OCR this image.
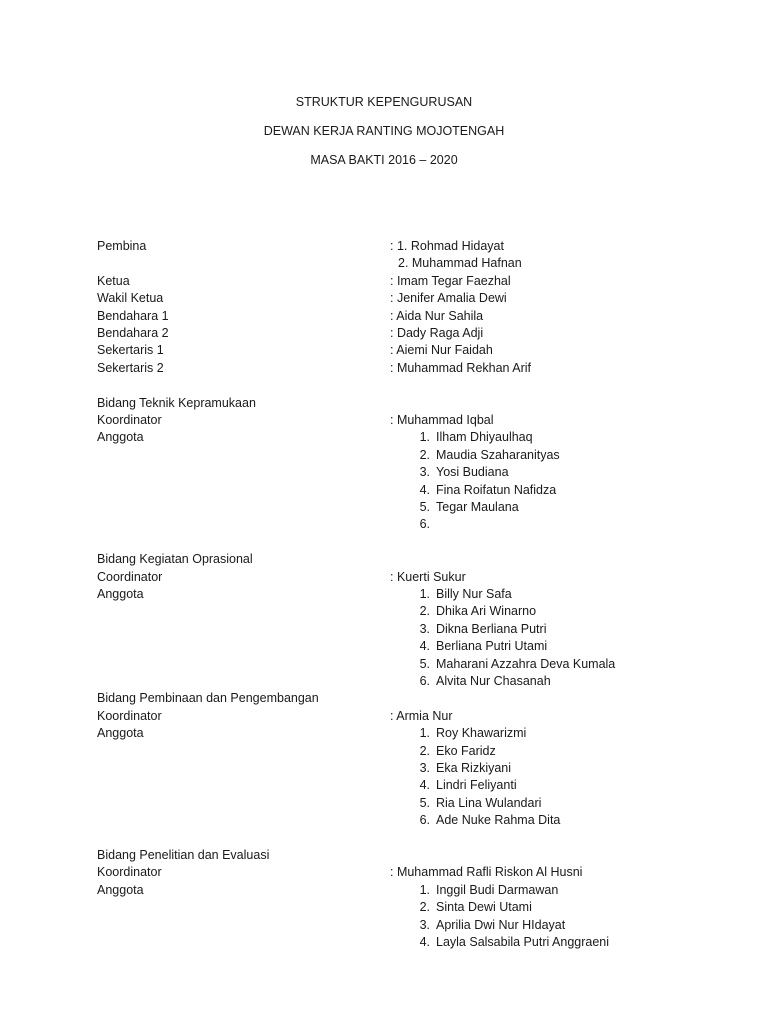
STRUKTUR KEPENGURUSAN
DEWAN KERJA RANTING MOJOTENGAH
MASA BAKTI 2016 – 2020
Pembina	: 1. Rohmad Hidayat
2. Muhammad Hafnan
Ketua	: Imam Tegar Faezhal
Wakil Ketua	: Jenifer Amalia Dewi
Bendahara 1	: Aida Nur Sahila
Bendahara 2	: Dady Raga Adji
Sekertaris 1	: Aiemi Nur Faidah
Sekertaris 2	: Muhammad Rekhan Arif
Bidang Teknik Kepramukaan
Koordinator	: Muhammad Iqbal
Anggota	1. Ilham Dhiyaulhaq
2. Maudia Szaharanityas
3. Yosi Budiana
4. Fina Roifatun Nafidza
5. Tegar Maulana
6.
Bidang Kegiatan Oprasional
Coordinator	: Kuerti Sukur
Anggota	1. Billy Nur Safa
2. Dhika Ari Winarno
3. Dikna Berliana Putri
4. Berliana Putri Utami
5. Maharani Azzahra Deva Kumala
6. Alvita Nur Chasanah
Bidang Pembinaan dan Pengembangan
Koordinator	: Armia Nur
Anggota	1. Roy Khawarizmi
2. Eko Faridz
3. Eka Rizkiyani
4. Lindri Feliyanti
5. Ria Lina Wulandari
6. Ade Nuke Rahma Dita
Bidang Penelitian dan Evaluasi
Koordinator	: Muhammad Rafli Riskon Al Husni
Anggota	1. Inggil Budi Darmawan
2. Sinta Dewi Utami
3. Aprilia Dwi Nur HIdayat
4. Layla Salsabila Putri Anggraeni
